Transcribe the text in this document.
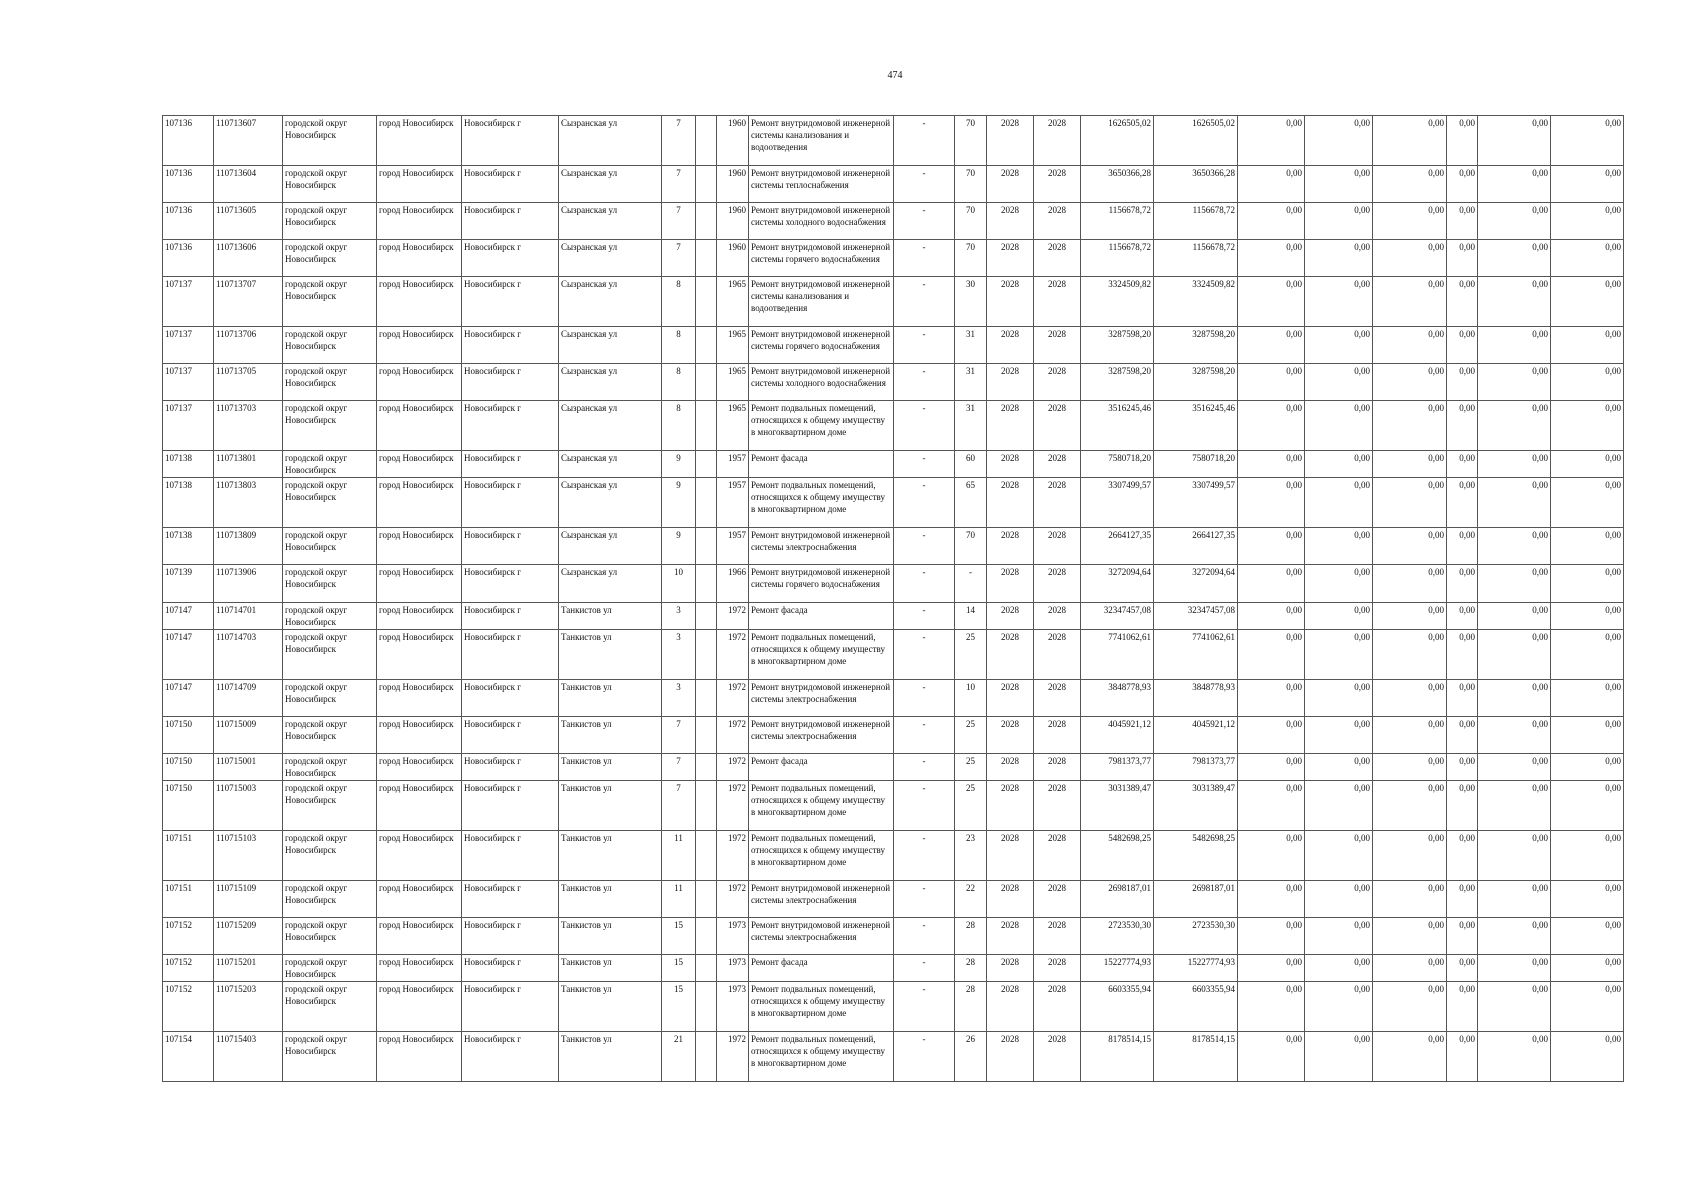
474
107136	110713607	городской округ Новосибирск	город Новосибирск	Новосибирск г	Сызранская ул	7		1960	Ремонт внутридомовой инженерной системы канализования и водоотведения	-	70	2028	2028	1626505,02	1626505,02	0,00	0,00	0,00	0,00	0,00	0,00
107136	110713604	городской округ Новосибирск	город Новосибирск	Новосибирск г	Сызранская ул	7		1960	Ремонт внутридомовой инженерной системы теплоснабжения	-	70	2028	2028	3650366,28	3650366,28	0,00	0,00	0,00	0,00	0,00	0,00
107136	110713605	городской округ Новосибирск	город Новосибирск	Новосибирск г	Сызранская ул	7		1960	Ремонт внутридомовой инженерной системы холодного водоснабжения	-	70	2028	2028	1156678,72	1156678,72	0,00	0,00	0,00	0,00	0,00	0,00
107136	110713606	городской округ Новосибирск	город Новосибирск	Новосибирск г	Сызранская ул	7		1960	Ремонт внутридомовой инженерной системы горячего водоснабжения	-	70	2028	2028	1156678,72	1156678,72	0,00	0,00	0,00	0,00	0,00	0,00
107137	110713707	городской округ Новосибирск	город Новосибирск	Новосибирск г	Сызранская ул	8		1965	Ремонт внутридомовой инженерной системы канализования и водоотведения	-	30	2028	2028	3324509,82	3324509,82	0,00	0,00	0,00	0,00	0,00	0,00
107137	110713706	городской округ Новосибирск	город Новосибирск	Новосибирск г	Сызранская ул	8		1965	Ремонт внутридомовой инженерной системы горячего водоснабжения	-	31	2028	2028	3287598,20	3287598,20	0,00	0,00	0,00	0,00	0,00	0,00
107137	110713705	городской округ Новосибирск	город Новосибирск	Новосибирск г	Сызранская ул	8		1965	Ремонт внутридомовой инженерной системы холодного водоснабжения	-	31	2028	2028	3287598,20	3287598,20	0,00	0,00	0,00	0,00	0,00	0,00
107137	110713703	городской округ Новосибирск	город Новосибирск	Новосибирск г	Сызранская ул	8		1965	Ремонт подвальных помещений, относящихся к общему имуществу в многоквартирном доме	-	31	2028	2028	3516245,46	3516245,46	0,00	0,00	0,00	0,00	0,00	0,00
107138	110713801	городской округ Новосибирск	город Новосибирск	Новосибирск г	Сызранская ул	9		1957	Ремонт фасада	-	60	2028	2028	7580718,20	7580718,20	0,00	0,00	0,00	0,00	0,00	0,00
107138	110713803	городской округ Новосибирск	город Новосибирск	Новосибирск г	Сызранская ул	9		1957	Ремонт подвальных помещений, относящихся к общему имуществу в многоквартирном доме	-	65	2028	2028	3307499,57	3307499,57	0,00	0,00	0,00	0,00	0,00	0,00
107138	110713809	городской округ Новосибирск	город Новосибирск	Новосибирск г	Сызранская ул	9		1957	Ремонт внутридомовой инженерной системы электроснабжения	-	70	2028	2028	2664127,35	2664127,35	0,00	0,00	0,00	0,00	0,00	0,00
107139	110713906	городской округ Новосибирск	город Новосибирск	Новосибирск г	Сызранская ул	10		1966	Ремонт внутридомовой инженерной системы горячего водоснабжения	-	-	2028	2028	3272094,64	3272094,64	0,00	0,00	0,00	0,00	0,00	0,00
107147	110714701	городской округ Новосибирск	город Новосибирск	Новосибирск г	Танкистов ул	3		1972	Ремонт фасада	-	14	2028	2028	32347457,08	32347457,08	0,00	0,00	0,00	0,00	0,00	0,00
107147	110714703	городской округ Новосибирск	город Новосибирск	Новосибирск г	Танкистов ул	3		1972	Ремонт подвальных помещений, относящихся к общему имуществу в многоквартирном доме	-	25	2028	2028	7741062,61	7741062,61	0,00	0,00	0,00	0,00	0,00	0,00
107147	110714709	городской округ Новосибирск	город Новосибирск	Новосибирск г	Танкистов ул	3		1972	Ремонт внутридомовой инженерной системы электроснабжения	-	10	2028	2028	3848778,93	3848778,93	0,00	0,00	0,00	0,00	0,00	0,00
107150	110715009	городской округ Новосибирск	город Новосибирск	Новосибирск г	Танкистов ул	7		1972	Ремонт внутридомовой инженерной системы электроснабжения	-	25	2028	2028	4045921,12	4045921,12	0,00	0,00	0,00	0,00	0,00	0,00
107150	110715001	городской округ Новосибирск	город Новосибирск	Новосибирск г	Танкистов ул	7		1972	Ремонт фасада	-	25	2028	2028	7981373,77	7981373,77	0,00	0,00	0,00	0,00	0,00	0,00
107150	110715003	городской округ Новосибирск	город Новосибирск	Новосибирск г	Танкистов ул	7		1972	Ремонт подвальных помещений, относящихся к общему имуществу в многоквартирном доме	-	25	2028	2028	3031389,47	3031389,47	0,00	0,00	0,00	0,00	0,00	0,00
107151	110715103	городской округ Новосибирск	город Новосибирск	Новосибирск г	Танкистов ул	11		1972	Ремонт подвальных помещений, относящихся к общему имуществу в многоквартирном доме	-	23	2028	2028	5482698,25	5482698,25	0,00	0,00	0,00	0,00	0,00	0,00
107151	110715109	городской округ Новосибирск	город Новосибирск	Новосибирск г	Танкистов ул	11		1972	Ремонт внутридомовой инженерной системы электроснабжения	-	22	2028	2028	2698187,01	2698187,01	0,00	0,00	0,00	0,00	0,00	0,00
107152	110715209	городской округ Новосибирск	город Новосибирск	Новосибирск г	Танкистов ул	15		1973	Ремонт внутридомовой инженерной системы электроснабжения	-	28	2028	2028	2723530,30	2723530,30	0,00	0,00	0,00	0,00	0,00	0,00
107152	110715201	городской округ Новосибирск	город Новосибирск	Новосибирск г	Танкистов ул	15		1973	Ремонт фасада	-	28	2028	2028	15227774,93	15227774,93	0,00	0,00	0,00	0,00	0,00	0,00
107152	110715203	городской округ Новосибирск	город Новосибирск	Новосибирск г	Танкистов ул	15		1973	Ремонт подвальных помещений, относящихся к общему имуществу в многоквартирном доме	-	28	2028	2028	6603355,94	6603355,94	0,00	0,00	0,00	0,00	0,00	0,00
107154	110715403	городской округ Новосибирск	город Новосибирск	Новосибирск г	Танкистов ул	21		1972	Ремонт подвальных помещений, относящихся к общему имуществу в многоквартирном доме	-	26	2028	2028	8178514,15	8178514,15	0,00	0,00	0,00	0,00	0,00	0,00
